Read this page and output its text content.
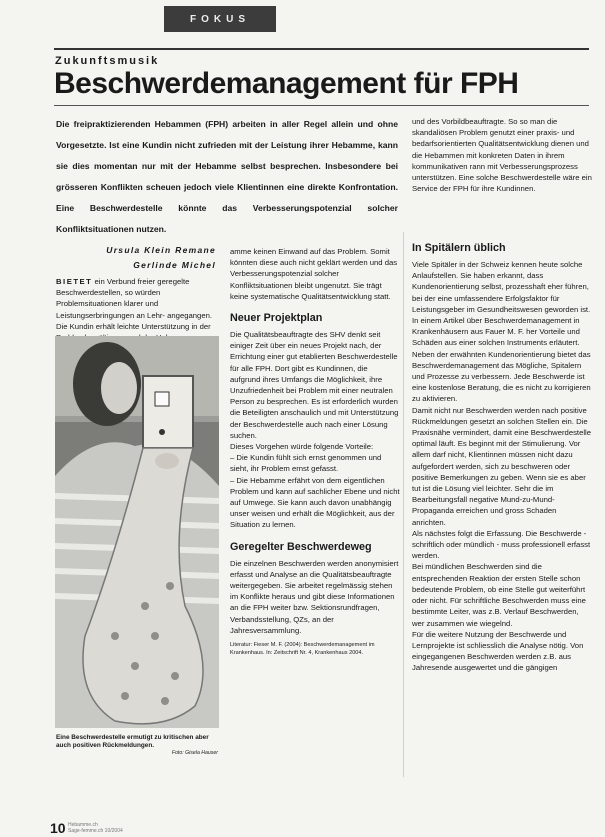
FOKUS
Zukunftsmusik
Beschwerdemanagement für FPH
Die freipraktizierenden Hebammen (FPH) arbeiten in aller Regel allein und ohne Vorgesetzte. Ist eine Kundin nicht zufrieden mit der Leistung ihrer Hebamme, kann sie dies momentan nur mit der Hebamme selbst besprechen. Insbesondere bei grösseren Konflikten scheuen jedoch viele Klientinnen eine direkte Konfrontation. Eine Beschwerdestelle könnte das Verbesserungspotenzial solcher Konfliktsituationen nutzen.
und des Vorbildbeauftragte. So so man die skandaliösen Problem genutzt einer praxis- und bedarfsorientierten Qualitätsentwicklung dienen und die Hebammen mit konkreten Daten in ihrem kommunikativen rann mit Verbesserungsprozess unterstützen. Eine solche Beschwerdestelle wäre ein Service der FPH für ihre Kundinnen.
Ursula Klein Remane
Gerlinde Michel
BIETET ein Verbund freier geregelte Beschwerdestellen, so würden Problemsituationen klarer und Leistungserbringungen an Lehr- angegangen. Die Kundin erhält leichte Unterstützung in der
Eine Beschwerdestelle ermutigt zu kritischen aber auch positiven Rückmeldungen.
Foto: Gisela Hauser

amme keinen Einwand auf das Problem. Somit könnten diese auch nicht geklärt werden und das Verbesserungspotenzial solcher Konfliktsituationen bleibt ungenutzt. Sie trägt keine systematische Qualitätsentwicklung statt.

Neuer Projektplan

Die Qualitätsbeauftragte des SHV denkt seit einiger Zeit über ein neues Projekt nach, der Errichtung einer gut etablierten Beschwerdestelle für alle FPH. Dort gibt es Kundinnen, die aufgrund ihres Umfangs die Möglichkeit, ihre Unzufriedenheit bei Problem mit einer neutralen Person zu besprechen. Es ist erforderlich wurden die Beteiligten anschaulich und mit Unterstützung der Beschwerdestelle auch nach einer Lösung suchen.

Dieses Vorgehen würde folgende Vorteile:

– Die Kundin fühlt sich ernst genommen und sieht, ihr Problem ernst gefasst.

– Die Hebamme erfährt von dem eigentlichen Problem und kann auf sachlicher Ebene und nicht auf Umwege. Sie kann auch davon unabhängig unser weisen und erhält die Möglichkeit, aus der Situation zu lernen.

Geregelter Beschwerdeweg

Die einzelnen Beschwerden werden anonymisiert erfasst und Analyse an die Qualitätsbeauftragte weitergegeben. Sie arbeitet regelmässig stehen im Konflikte heraus und gibt diese Informationen an die FPH weiter bzw. Sektionsrundfragen, Verbandsstellung, QZs, an der Jahresversammlung.

Literatur: Fieser M. F. (2004): Beschwerdemanagement im Krankenhaus. In: Zeitschrift Nr. 4, Krankenhaus 2004.

In Spitälern üblich

Viele Spitäler in der Schweiz kennen heute solche Anlaufstellen. Sie haben erkannt, dass Kundenorientierung selbst, prozesshaft eher führen, bei der eine umfassendere Erfolgsfaktor für Leistungsgeber im Gesundheitswesen geworden ist. In einem Artikel über Beschwerdemanagement in Krankenhäusern aus Fauer M. F. her Vorteile und Schäden aus einer solchen Instruments erläutert. Neben der erwähnten Kundenorientierung bietet das Beschwerdemanagement das Mögliche, Spitalern und Prozesse zu verbessern. Jede Beschwerde ist eine kostenlose Beratung, die es nicht zu korrigieren zu aktivieren.

Damit nicht nur Beschwerden werden nach positive Rückmeldungen gesetzt an solchen Stellen ein. Die Praxisnähe vermindert, damit eine Beschwerdestelle optimal läuft. Es beginnt mit der Stimulierung. Vor allem darf nicht, Klientinnen müssen nicht dazu aufgefordert werden, sich zu beschweren oder positive Bemerkungen zu geben. Wenn sie es aber tut ist die Lösung viel leichter. Sehr die im Bearbeitungsfall negative Mund-zu-Mund-Propaganda erreichen und gross Schaden anrichten.

Als nächstes folgt die Erfassung. Die Beschwerde - schriftlich oder mündlich - muss professionell erfasst werden.

Bei mündlichen Beschwerden sind die entsprechenden Reaktion der ersten Stelle schon bedeutende Problem, ob eine Stelle gut weiterführt oder nicht. Für schriftliche Beschwerden muss eine bestimmte Leiter, was z.B. Verlauf Beschwerden, wer zusammen wie wiegelnd.

Für die weitere Nutzung der Beschwerde und Lernprojekte ist schliesslich die Analyse nötig. Von eingegangenen Beschwerden werden z.B. aus Jahresende ausgewertet und die gängigen

10 Hebamme.ch
Sage-femme.ch 10/2004
